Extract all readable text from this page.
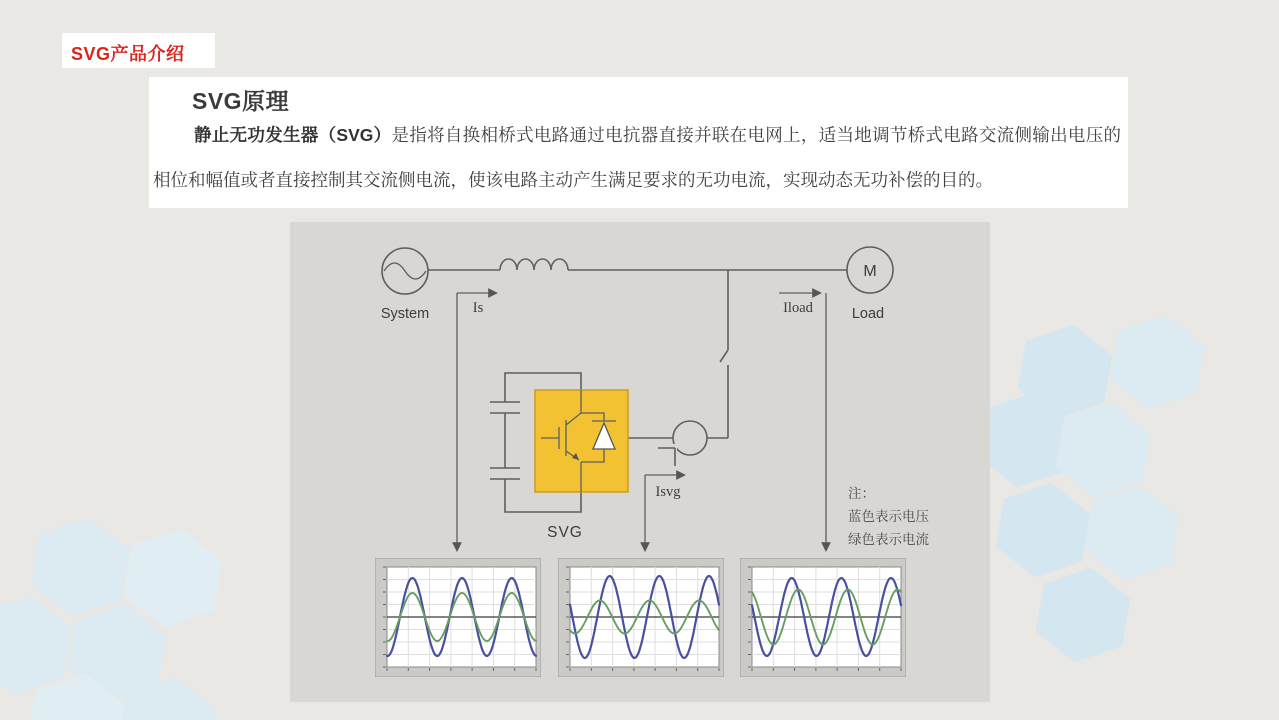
SVG产品介绍
SVG原理

静止无功发生器（SVG）是指将自换相桥式电路通过电抗器直接并联在电网上，适当地调节桥式电路交流侧输出电压的相位和幅值或者直接控制其交流侧电流，使该电路主动产生满足要求的无功电流，实现动态无功补偿的目的。

System
M
Load
SVG
Is	Iload
Isvg	注：
蓝色表示电压
绿色表示电流
